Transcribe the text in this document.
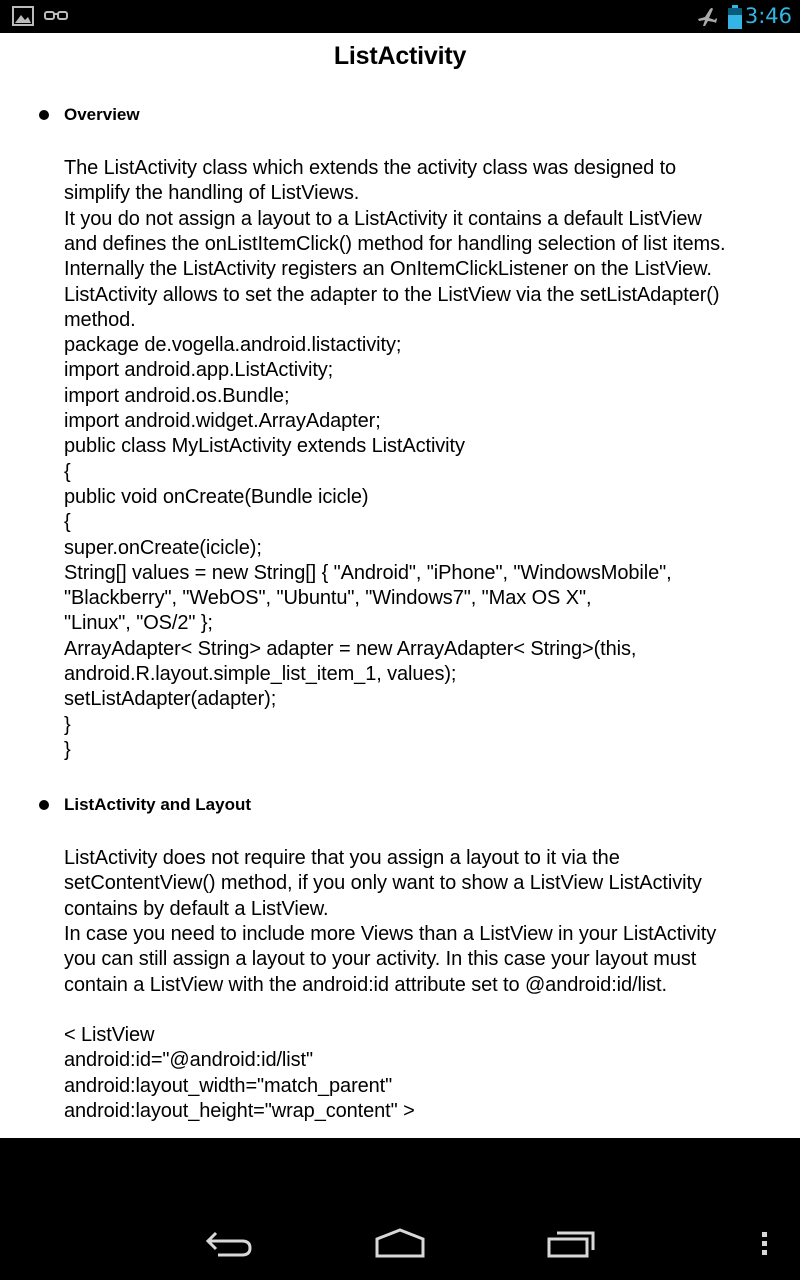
3:46
ListActivity
Overview
The ListActivity class which extends the activity class was designed to
simplify the handling of ListViews.
It you do not assign a layout to a ListActivity it contains a default ListView
and defines the onListItemClick() method for handling selection of list items.
Internally the ListActivity registers an OnItemClickListener on the ListView.
ListActivity allows to set the adapter to the ListView via the setListAdapter()
method.
package de.vogella.android.listactivity;
import android.app.ListActivity;
import android.os.Bundle;
import android.widget.ArrayAdapter;
public class MyListActivity extends ListActivity
{
public void onCreate(Bundle icicle)
{
super.onCreate(icicle);
String[] values = new String[] { "Android", "iPhone", "WindowsMobile",
"Blackberry", "WebOS", "Ubuntu", "Windows7", "Max OS X",
"Linux", "OS/2" };
ArrayAdapter< String> adapter = new ArrayAdapter< String>(this,
android.R.layout.simple_list_item_1, values);
setListAdapter(adapter);
}
}
ListActivity and Layout
ListActivity does not require that you assign a layout to it via the
setContentView() method, if you only want to show a ListView ListActivity
contains by default a ListView.
In case you need to include more Views than a ListView in your ListActivity
you can still assign a layout to your activity. In this case your layout must
contain a ListView with the android:id attribute set to @android:id/list.
< ListView
android:id="@android:id/list"
android:layout_width="match_parent"
android:layout_height="wrap_content" >
